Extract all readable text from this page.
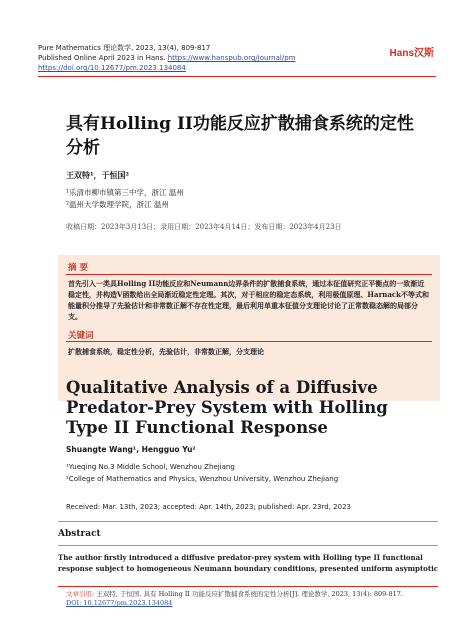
Pure Mathematics 理论数学, 2023, 13(4), 809-817
Published Online April 2023 in Hans. https://www.hanspub.org/journal/pm
https://doi.org/10.12677/pm.2023.134084
Hans汉斯
具有Holling II功能反应扩散捕食系统的定性分析
王双特¹，于恒国²
¹乐清市柳市镇第三中学，浙江 温州
²温州大学数理学院，浙江 温州
收稿日期：2023年3月13日；录用日期：2023年4月14日；发布日期：2023年4月23日
摘 要
首先引入一类具Holling II功能反应和Neumann边界条件的扩散捕食系统，通过本征值研究正平衡点的一致渐近稳定性，并构造V函数给出全局渐近稳定性定理。其次，对于相应的稳定态系统，利用极值原理、Harnack不等式和能量积分推导了先验估计和非常数正解不存在性定理，最后利用单重本征值分支理论讨论了正常数稳态解的局部分支。
关键词
扩散捕食系统，稳定性分析，先验估计，非常数正解，分支理论
Qualitative Analysis of a Diffusive Predator-Prey System with Holling Type II Functional Response
Shuangte Wang¹, Hengguo Yu²
¹Yueqing No.3 Middle School, Wenzhou Zhejiang
²College of Mathematics and Physics, Wenzhou University, Wenzhou Zhejiang
Received: Mar. 13th, 2023; accepted: Apr. 14th, 2023; published: Apr. 23rd, 2023
Abstract
The author firstly introduced a diffusive predator-prey system with Holling type II functional response subject to homogeneous Neumann boundary conditions, presented uniform asymptotic
文章引用: 王双特, 于恒国. 具有 Holling II 功能反应扩散捕食系统的定性分析[J]. 理论数学, 2023, 13(4): 809-817.
DOI: 10.12677/pm.2023.134084
